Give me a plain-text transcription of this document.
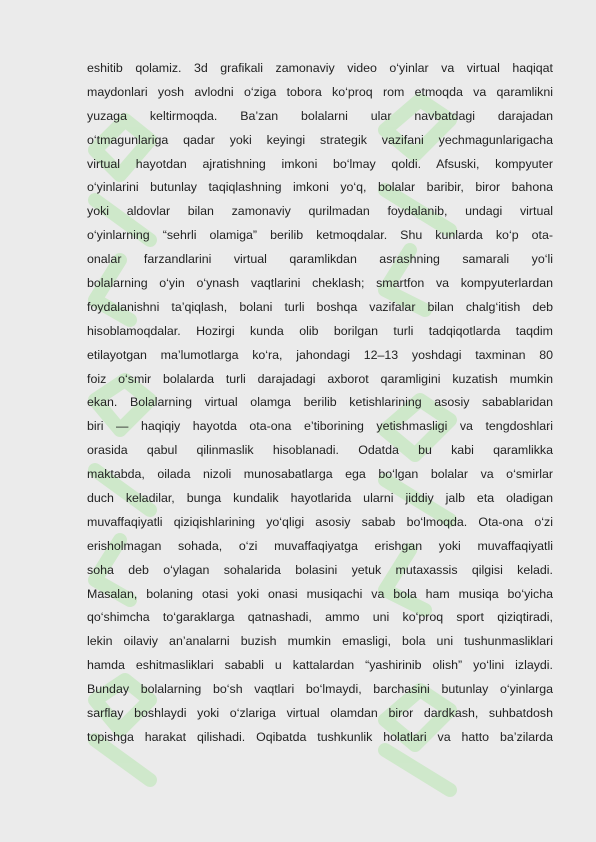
eshitib qolamiz. 3d grafikali zamonaviy video o‘yinlar va virtual haqiqat
maydonlari yosh avlodni o‘ziga tobora ko‘proq rom etmoqda va qaramlikni
yuzaga keltirmoqda. Ba’zan bolalarni ular navbatdagi darajadan
o‘tmagunlariga qadar yoki keyingi strategik vazifani yechmagunlarigacha
virtual hayotdan ajratishning imkoni bo‘lmay qoldi. Afsuski, kompyuter
o‘yinlarini butunlay taqiqlashning imkoni yo‘q, bolalar baribir, biror bahona
yoki aldovlar bilan zamonaviy qurilmadan foydalanib, undagi virtual
o‘yinlarning “sehrli olamiga” berilib ketmoqdalar. Shu kunlarda ko‘p ota-
onalar farzandlarini virtual qaramlikdan asrashning samarali yo‘li
bolalarning o‘yin o‘ynash vaqtlarini cheklash; smartfon va kompyuterlardan
foydalanishni ta’qiqlash, bolani turli boshqa vazifalar bilan chalg‘itish deb
hisoblamoqdalar. Hozirgi kunda olib borilgan turli tadqiqotlarda taqdim
etilayotgan ma’lumotlarga ko‘ra, jahondagi 12–13 yoshdagi taxminan 80
foiz o‘smir bolalarda turli darajadagi axborot qaramligini kuzatish mumkin
ekan. Bolalarning virtual olamga berilib ketishlarining asosiy sabablaridan
biri — haqiqiy hayotda ota-ona e’tiborining yetishmasligi va tengdoshlari
orasida qabul qilinmaslik hisoblanadi. Odatda bu kabi qaramlikka
maktabda, oilada nizoli munosabatlarga ega bo‘lgan bolalar va o‘smirlar
duch keladilar, bunga kundalik hayotlarida ularni jiddiy jalb eta oladigan
muvaffaqiyatli qiziqishlarining yo‘qligi asosiy sabab bo‘lmoqda. Ota-ona o‘zi
erisholmagan sohada, o‘zi muvaffaqiyatga erishgan yoki muvaffaqiyatli
soha deb o‘ylagan sohalarida bolasini yetuk mutaxassis qilgisi keladi.
Masalan, bolaning otasi yoki onasi musiqachi va bola ham musiqa bo‘yicha
qo‘shimcha to‘garaklarga qatnashadi, ammo uni ko‘proq sport qiziqtiradi,
lekin oilaviy an’analarni buzish mumkin emasligi, bola uni tushunmasliklari
hamda eshitmasliklari sababli u kattalardan “yashirinib olish” yo‘lini izlaydi.
Bunday bolalarning bo‘sh vaqtlari bo‘lmaydi, barchasini butunlay o‘yinlarga
sarflay boshlaydi yoki o‘zlariga virtual olamdan biror dardkash, suhbatdosh
topishga harakat qilishadi. Oqibatda tushkunlik holatlari va hatto ba’zilarda
